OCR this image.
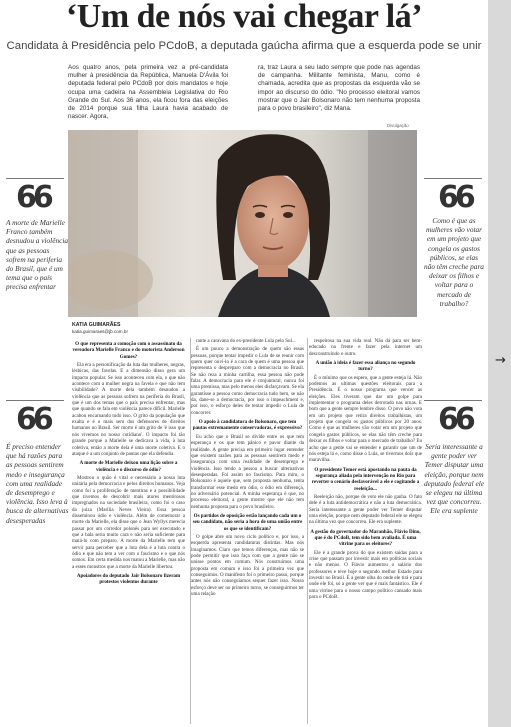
‘Um de nós vai chegar lá’
Candidata à Presidência pelo PCdoB, a deputada gaúcha afirma que a esquerda pode se unir
Aos quatro anos, pela primeira vez a pré-candidata mulher à presidência da República, Manuela D'Ávila foi deputada federal pelo PCdoB por dois mandatos e hoje ocupa uma cadeira na Assembleia Legislativa do Rio Grande do Sul. Aos 36 anos, ela ficou fora das eleições de 2014 porque sua filha Laura havia acabado de nascer. Agora,
ra, traz Laura a seu lado sempre que pode nas agendas de campanha. Militante feminista, Manu, como é chamada, acredita que as propostas da esquerda vão se impor ao discurso do ódio. "No processo eleitoral vamos mostrar que o Jair Bolsonaro não tem nenhuma proposta para o povo brasileiro", diz Mana.
Divulgação
66
A morte de Marielle Franco também desnudou a violência que as pessoas sofrem na periferia do Brasil, que é um tema que o país precisa enfrentar
66
Como é que as mulheres vão votar em um projeto que congela os gastos públicos, se elas não têm creche para deixar os filhos e voltar para o mercado de trabalho?
66
É preciso entender que há razões para as pessoas sentirem medo e insegurança com uma realidade de desemprego e violência. Isso leva à busca de alternativas desesperadas
66
Seria interessante a gente poder ver Temer disputar uma eleição, porque nem deputado federal ele se elegeu na última vez que concorreu. Ele era suplente
KATIA GUIMARÃES
katia.guimaraes@jb.com.br

O que representa a comoção com o assassinato da vereadora Marielle Franco e do motorista Anderson Gomes?

Ela era a personificação da luta das mulheres, negras, lésbicas, das favelas. E a dimensão disso gera um impacto popular. Se isso aconteceu com ela, o que não acontece com a mulher negra na favela e que não tem visibilidade? A morte dela também desnudou a violência que as pessoas sofrem na periferia do Brasil, que é um dos temas que o país precisa enfrentar, mas que quando se fala em violência parece difícil. Marielle acabou encarnando tudo isso. O grito da população que exalta e é o mais sem dos defensores de direitos humanos no Brasil. Ser morto é um grito de 'é isso que nós vivemos no nosso cotidiano'. O impacto foi tão grande porque a Marielle se dedicava à vida, à luta coletiva, então a morte dela é uma morte coletiva. E o ataque é a um conjunto de pautas que ela defendia.

A morte de Marielle deixou uma lição sobre a violência e o discurso de ódio?

Mostrou o quão é vital e necessário a nossa luta unitária pela democracia e pelos direitos humanos. Veja como foi a proliferação de mentiras e a possibilidade que tivemos de descobrir mais atores mentirosos impregnados na sociedade brasileira, como foi o caso da juíza (Marília Neves Vieira). Essa pessoa disseminou ódio e violência. Além de comemorar a morte da Marielle, ela disse que o Jean Wyllys merecia passar por um corredor polonês para ser executado e que a bala seria muito cara e não seria suficiente para matá-lo com preparo. A morte da Marielle tem que servir para perceber que a luta dela é a luta contra o ódio e que não tem a ver com o fascismo e o que nós somos. Em certa medida nos matou a Marielle, mas não a esses monstros que a morte da Marielle libertou.

Apoiadores do deputado Jair Bolsonaro fizeram protestos violentos durante

rante a caravana do ex-presidente Lula pelo Sul...

É um pouco a demonstração de quem são essas pessoas, porque tentar impedir o Lula de se reunir com quem quer ouvi-lo é a cara de quem é uma pessoa que representa o despreparo com a democracia no Brasil. Se não reza a minha cartilha, essa pessoa não pode falar. A democracia para ele é conjuntural, nunca foi uma premissa, mas pelo menos eles disfarçavam. Se ela garantisse a pessoa como democracia tudo bem, se não da, dane-se a democracia, por isso o impeachment e, por isso, o esforço deles de tentar impedir o Lula de concorrer.

O apoio à candidatura de Bolsonaro, que tem pautas extremamente conservadoras, é expressivo?

Eu acho que o Brasil se divide entre os que tem esperança e os que tem pânico e pavor diante da realidade. A gente precisa em primeiro lugar entender que existem razões para as pessoas sentirem medo e insegurança com uma realidade de desemprego e violência. Isso tendo a pessoa a buscar alternativas desesperadas. Foi assim no fascismo. Para mim, o Bolsonaro é aquele que, sem proposta nenhuma, tenta transformar esse medo em ódio, o ódio em diferença, no adversário potencial. A minha esperança é que, no processo eleitoral, a gente mostre que ele não tem nenhuma proposta para o povo brasileiro.

Os partidos de oposição estão lançando cada um o seu candidato, não seria a hora de uma união entre os que se identificam?

O golpe abre um novo ciclo político e, por isso, a esquerda apresenta candidaturas distintas. Mas nós imaginamos. Claro que temos diferenças, mas não se pode permitir que isso faça com que a gente não se unisse pontos em comum. Nós construímos uma proposta em comum e isso foi a primeira vez que conseguimos. O manifesto foi o primeiro passo, porque antes nós não conseguíamos sequer fazer isso. Nosso esforço deve ser no primeiro turno, se conseguirmos ter uma relação

respeitosa na sua vida real. Não dá para ser bem-educado na frente e fazer pela internet um desconstruindo o outro.

A união à ideia é fazer essa aliança no segundo turno?

É o mínimo que os espero, que a gente esteja lá. Não podemos as ultimas questões eleitorais para a Presidência. É o nosso programa que vencer as eleições. Eles tiveram que dar um golpe para implementar o programa deles derrotado nas urnas. E bom que a gente sempre lembre disso. O povo não vota em um projeto que retira direitos trabalhistas, um projeto que congela os gastos públicos por 20 anos. Como é que as mulheres vão votar em um projeto que congela gastos públicos, se elas não têm creche para deixar os filhos e voltar para o mercado de trabalho? Eu acho que a gente vai se entender e garantir que um de nós esteja lá e, como disse o Lula, se tivermos dois que maravilha.

O presidente Temer está apostando na pauta da segurança aliada pela intervenção no Rio para reverter o cenário desfavorável a ele e cogitando a reeleição...

Reeleição não, porque de voto ele não ganha. O fato dele é a luta antidemocrática e não a luta democrática. Seria interessante a gente poder ver Temer disputar uma eleição, porque nem deputado federal ele se elegeu na última vez que concorreu. Ele era suplente.

A gestão do governador do Maranhão, Flávio Dino, que é do PCdoB, tem sido bem avaliada. É uma vitrine para os eleitores?

Ele é a grande prova do que existem saídas para a crise que passam por investir mais em políticas sociais e não menos. O Flávio aumentou o salário dos professores e teve hoje o segundo melhor Estado para investir no Brasil. É a gente olha do onde ele tirá e para onde ele foi, só a gente ver que é mais fantástico. Ele é uma vitrine para o nosso campo político cansado mais para o PCdoB.

→
